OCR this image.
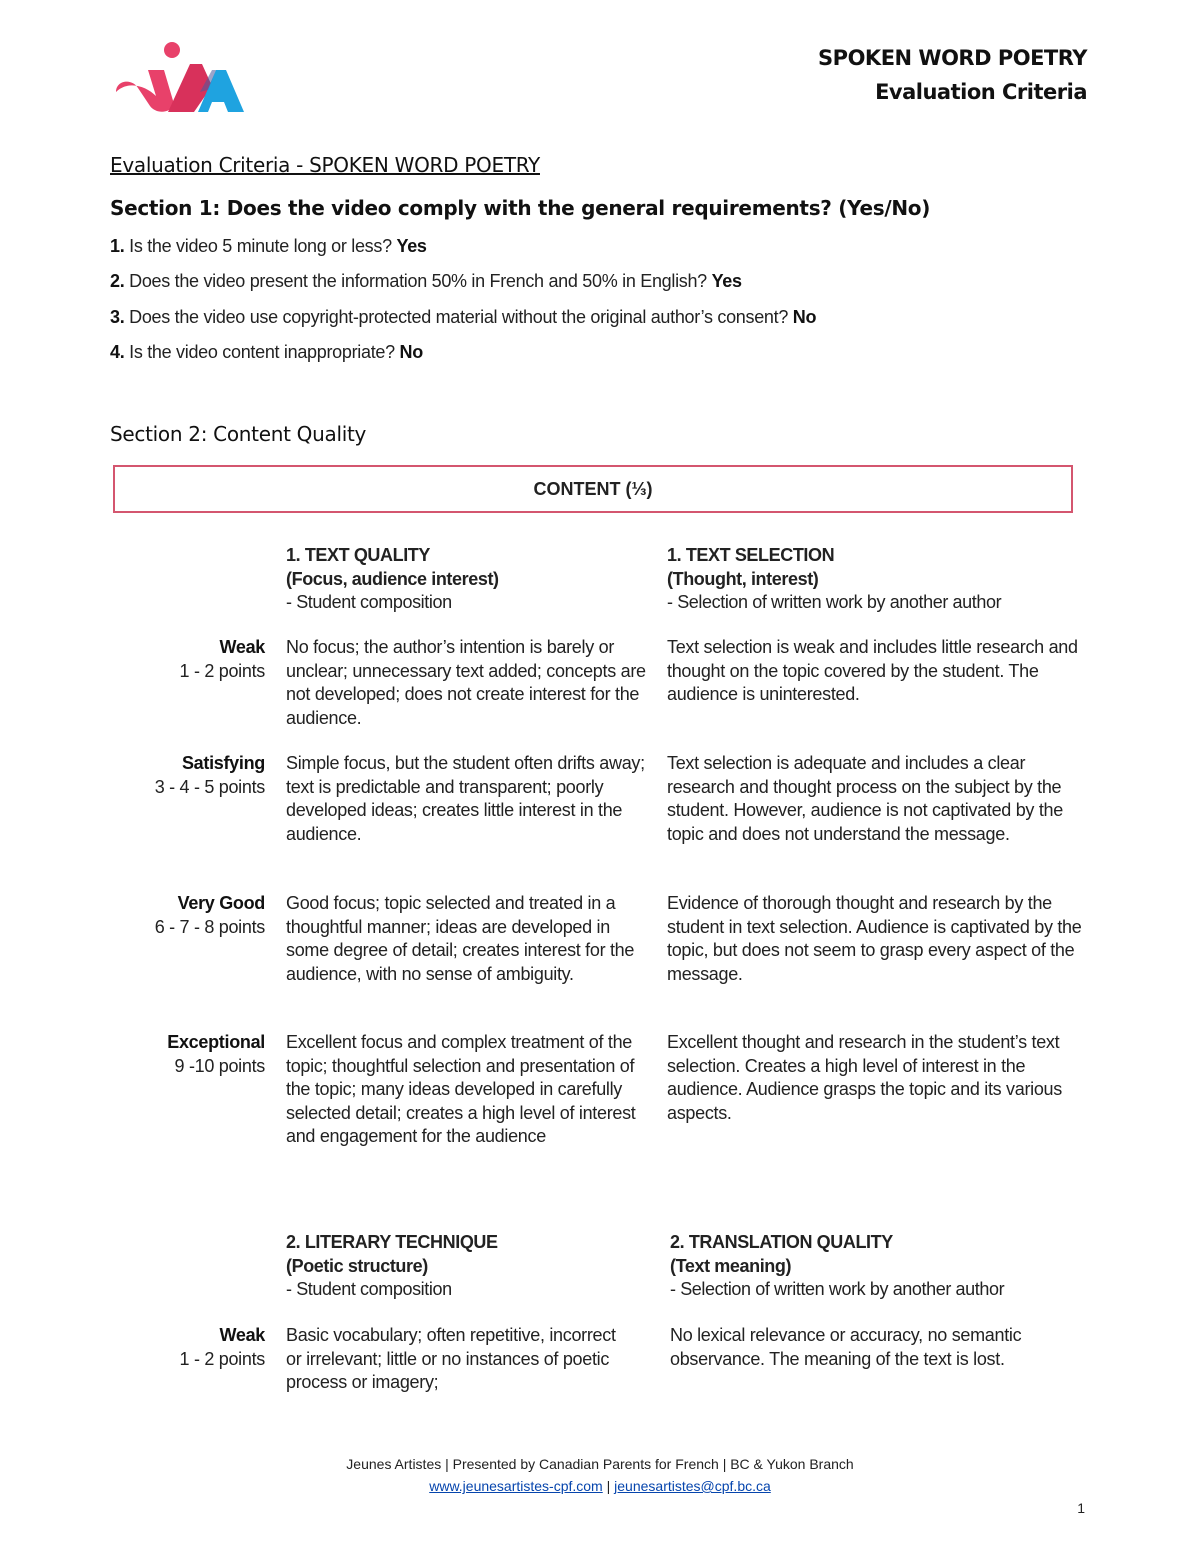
SPOKEN WORD POETRY
Evaluation Criteria
Evaluation Criteria - SPOKEN WORD POETRY
Section 1: Does the video comply with the general requirements? (Yes/No)
1. Is the video 5 minute long or less? Yes
2. Does the video present the information 50% in French and 50% in English? Yes
3. Does the video use copyright-protected material without the original author’s consent? No
4. Is the video content inappropriate? No
Section 2: Content Quality
CONTENT (⅓)
1. TEXT QUALITY
(Focus, audience interest)
- Student composition
1. TEXT SELECTION
(Thought, interest)
- Selection of written work by another author
Weak
1 - 2 points
No focus; the author’s intention is barely or unclear; unnecessary text added; concepts are not developed; does not create interest for the audience.
Text selection is weak and includes little research and thought on the topic covered by the student. The audience is uninterested.
Satisfying
3 - 4 - 5 points
Simple focus, but the student often drifts away; text is predictable and transparent; poorly developed ideas; creates little interest in the audience.
Text selection is adequate and includes a clear research and thought process on the subject by the student. However, audience is not captivated by the topic and does not understand the message.
Very Good
6 - 7 - 8 points
Good focus; topic selected and treated in a thoughtful manner; ideas are developed in some degree of detail; creates interest for the audience, with no sense of ambiguity.
Evidence of thorough thought and research by the student in text selection. Audience is captivated by the topic, but does not seem to grasp every aspect of the message.
Exceptional
9 -10 points
Excellent focus and complex treatment of the topic; thoughtful selection and presentation of the topic; many ideas developed in carefully selected detail; creates a high level of interest and engagement for the audience
Excellent thought and research in the student’s text selection. Creates a high level of interest in the audience. Audience grasps the topic and its various aspects.
2. LITERARY TECHNIQUE
(Poetic structure)
- Student composition
2. TRANSLATION QUALITY
(Text meaning)
- Selection of written work by another author
Weak
1 - 2 points
Basic vocabulary; often repetitive, incorrect or irrelevant; little or no instances of poetic process or imagery;
No lexical relevance or accuracy, no semantic observance. The meaning of the text is lost.
Jeunes Artistes | Presented by Canadian Parents for French | BC & Yukon Branch
www.jeunesartistes-cpf.com | jeunesartistes@cpf.bc.ca
1
